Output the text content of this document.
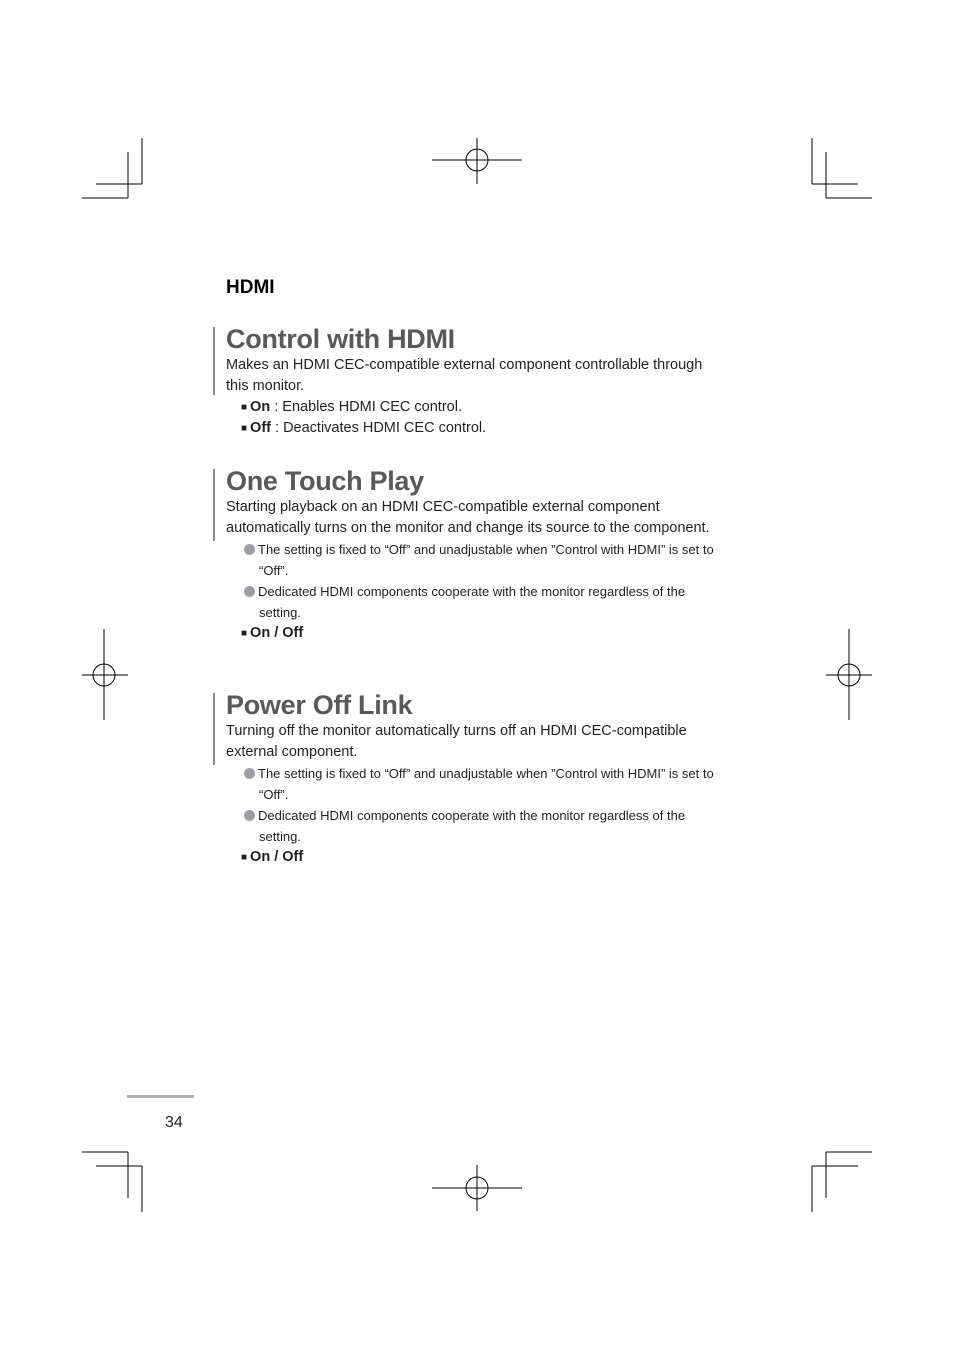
HDMI
Control with HDMI

Makes an HDMI CEC-compatible external component controllable through this monitor.

■ On : Enables HDMI CEC control.
■ Off : Deactivates HDMI CEC control.
One Touch Play

Starting playback on an HDMI CEC-compatible external component automatically turns on the monitor and change its source to the component.

The setting is fixed to “Off” and unadjustable when ”Control with HDMI” is set to “Off”.
Dedicated HDMI components cooperate with the monitor regardless of the setting.
■ On / Off
Power Off Link

Turning off the monitor automatically turns off an HDMI CEC-compatible external component.

The setting is fixed to “Off” and unadjustable when ”Control with HDMI” is set to “Off”.
Dedicated HDMI components cooperate with the monitor regardless of the setting.
■ On / Off
34
